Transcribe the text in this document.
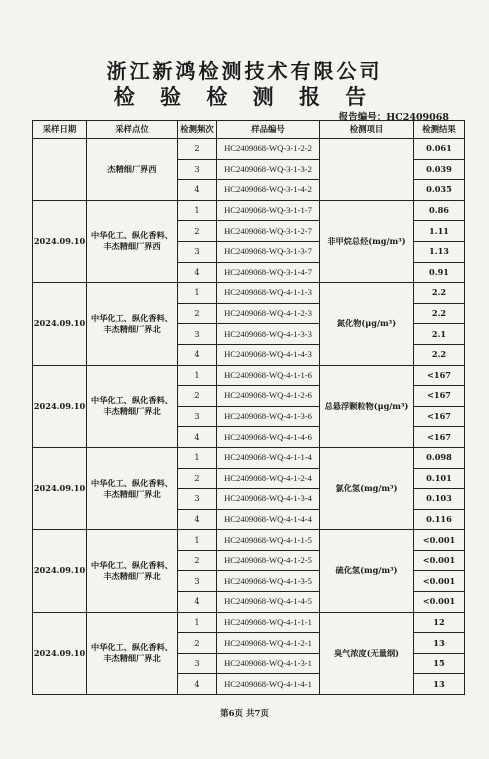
浙江新鸿检测技术有限公司
检 验 检 测 报 告
报告编号：HC2409068
采样日期	采样点位	检测频次	样品编号	检测项目	检测结果
	杰精细厂界西	2	HC2409068-WQ-3-1-2-2		0.061
		3	HC2409068-WQ-3-1-3-2		0.039
		4	HC2409068-WQ-3-1-4-2		0.035
2024.09.10	中华化工、纵化香料、丰杰精细厂界西	1	HC2409068-WQ-3-1-1-7	非甲烷总烃(mg/m³)	0.86
		2	HC2409068-WQ-3-1-2-7		1.11
		3	HC2409068-WQ-3-1-3-7		1.13
		4	HC2409068-WQ-3-1-4-7		0.91
2024.09.10	中华化工、纵化香料、丰杰精细厂界北	1	HC2409068-WQ-4-1-1-3	氮化物(μg/m³)	2.2
		2	HC2409068-WQ-4-1-2-3		2.2
		3	HC2409068-WQ-4-1-3-3		2.1
		4	HC2409068-WQ-4-1-4-3		2.2
2024.09.10	中华化工、纵化香料、丰杰精细厂界北	1	HC2409068-WQ-4-1-1-6	总悬浮颗粒物(μg/m³)	<167
		2	HC2409068-WQ-4-1-2-6		<167
		3	HC2409068-WQ-4-1-3-6		<167
		4	HC2409068-WQ-4-1-4-6		<167
2024.09.10	中华化工、纵化香料、丰杰精细厂界北	1	HC2409068-WQ-4-1-1-4	氯化氢(mg/m³)	0.098
		2	HC2409068-WQ-4-1-2-4		0.101
		3	HC2409068-WQ-4-1-3-4		0.103
		4	HC2409068-WQ-4-1-4-4		0.116
2024.09.10	中华化工、纵化香料、丰杰精细厂界北	1	HC2409068-WQ-4-1-1-5	硫化氢(mg/m³)	<0.001
		2	HC2409068-WQ-4-1-2-5		<0.001
		3	HC2409068-WQ-4-1-3-5		<0.001
		4	HC2409068-WQ-4-1-4-5		<0.001
2024.09.10	中华化工、纵化香料、丰杰精细厂界北	1	HC2409068-WQ-4-1-1-1	臭气浓度(无量纲)	12
		2	HC2409068-WQ-4-1-2-1		13
		3	HC2409068-WQ-4-1-3-1		15
		4	HC2409068-WQ-4-1-4-1		13
第6页 共7页
